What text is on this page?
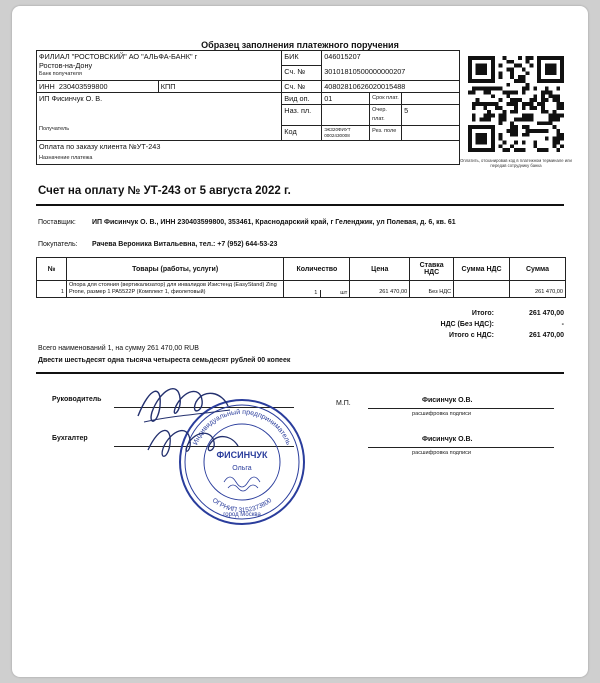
Образец заполнения платежного поручения
ФИЛИАЛ "РОСТОВСКИЙ" АО "АЛЬФА-БАНК" г
Ростов-на-Дону
Банк получателя		БИК	046015207		
		Сч. №	30101810500000000207		
ИНН 230403599800	КПП	Сч. №	40802810626020015488		

ИП Фисинчук О. В.
Получатель					

		Вид оп.	01	Срок плат.	
		Наз. пл.		Очер. плат.	5
		Код	ЭКЗ20ФИУТ 0002430008	Рез. поле	

Оплата по заказу клиента №УТ-243
Назначение платежа						Оплатить, отсканировав код в платежном терминале или передав сотруднику банка
Счет на оплату № УТ-243 от 5 августа 2022 г.
Поставщик: ИП Фисинчук О. В., ИНН 230403599800, 353461, Краснодарский край, г Геленджик, ул Полевая, д. 6, кв. 61
Покупатель: Рачева Вероника Витальевна, тел.: +7 (952) 644-53-23
№	Товары (работы, услуги)	Количество	Цена	Ставка НДС	Сумма НДС	Сумма
1	Опора для стояния (вертикализатор) для инвалидов Изистенд (EasyStand) Zing Prone, размер 1 PA5522P (Комплект 1, фиолетовый)	1 шт	261 470,00	Без НДС		261 470,00
Итого:	261 470,00
НДС (Без НДС):	-
Итого с НДС:	261 470,00
Всего наименований 1, на сумму 261 470,00 RUB
Двести шестьдесят одна тысяча четыреста семьдесят рублей 00 копеек
Руководитель
М.П.	Фисинчук О.В.
расшифровка подписи
Бухгалтер	Фисинчук О.В.
расшифровка подписи
Индивидуальный предприниматель
ОГРНИП 3152373800
ФИСИНЧУК
Ольга
город Москва
